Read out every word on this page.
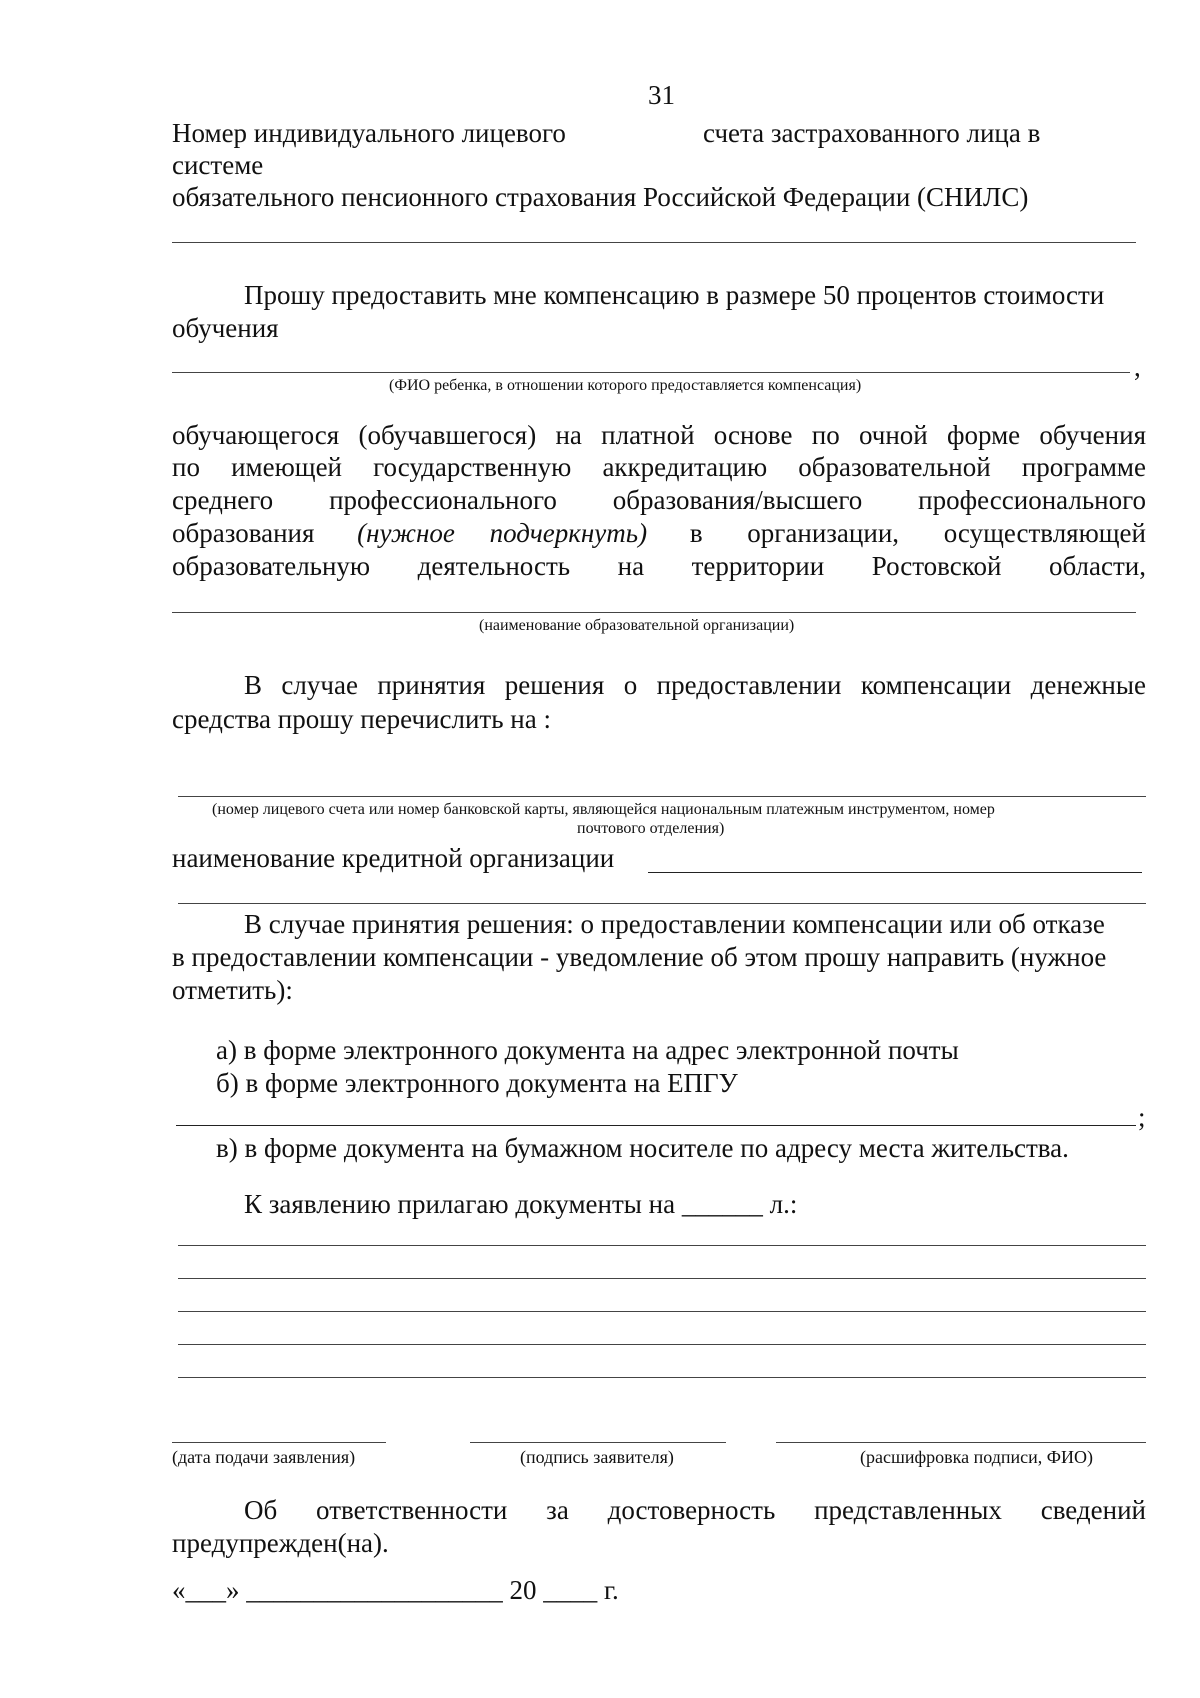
31
Номер индивидуального лицевого	счета застрахованного лица в
системе
обязательного пенсионного страхования Российской Федерации (СНИЛС)
Прошу предоставить мне компенсацию в размере 50 процентов стоимости
обучения
,
(ФИО ребенка, в отношении которого предоставляется компенсация)
обучающегося (обучавшегося) на платной основе по очной форме обучения
по имеющей государственную аккредитацию образовательной программе
среднего профессионального образования/высшего профессионального
образования (нужное подчеркнуть) в организации, осуществляющей
образовательную деятельность на территории Ростовской области,
(наименование образовательной организации)
В случае принятия решения о предоставлении компенсации денежные
средства прошу перечислить на :
(номер лицевого счета или номер банковской карты, являющейся национальным платежным инструментом, номер
почтового отделения)
наименование кредитной организации
В случае принятия решения: о предоставлении компенсации или об отказе
в предоставлении компенсации - уведомление об этом прошу направить (нужное
отметить):
а) в форме электронного документа на адрес электронной почты
б) в форме электронного документа на ЕПГУ
;
в) в форме документа на бумажном носителе по адресу места жительства.
К заявлению прилагаю документы на ______ л.:
(дата подачи заявления)	(подпись заявителя)	(расшифровка подписи, ФИО)
Об ответственности за достоверность представленных сведений
предупрежден(на).
«___» ___________________ 20 ____ г.
